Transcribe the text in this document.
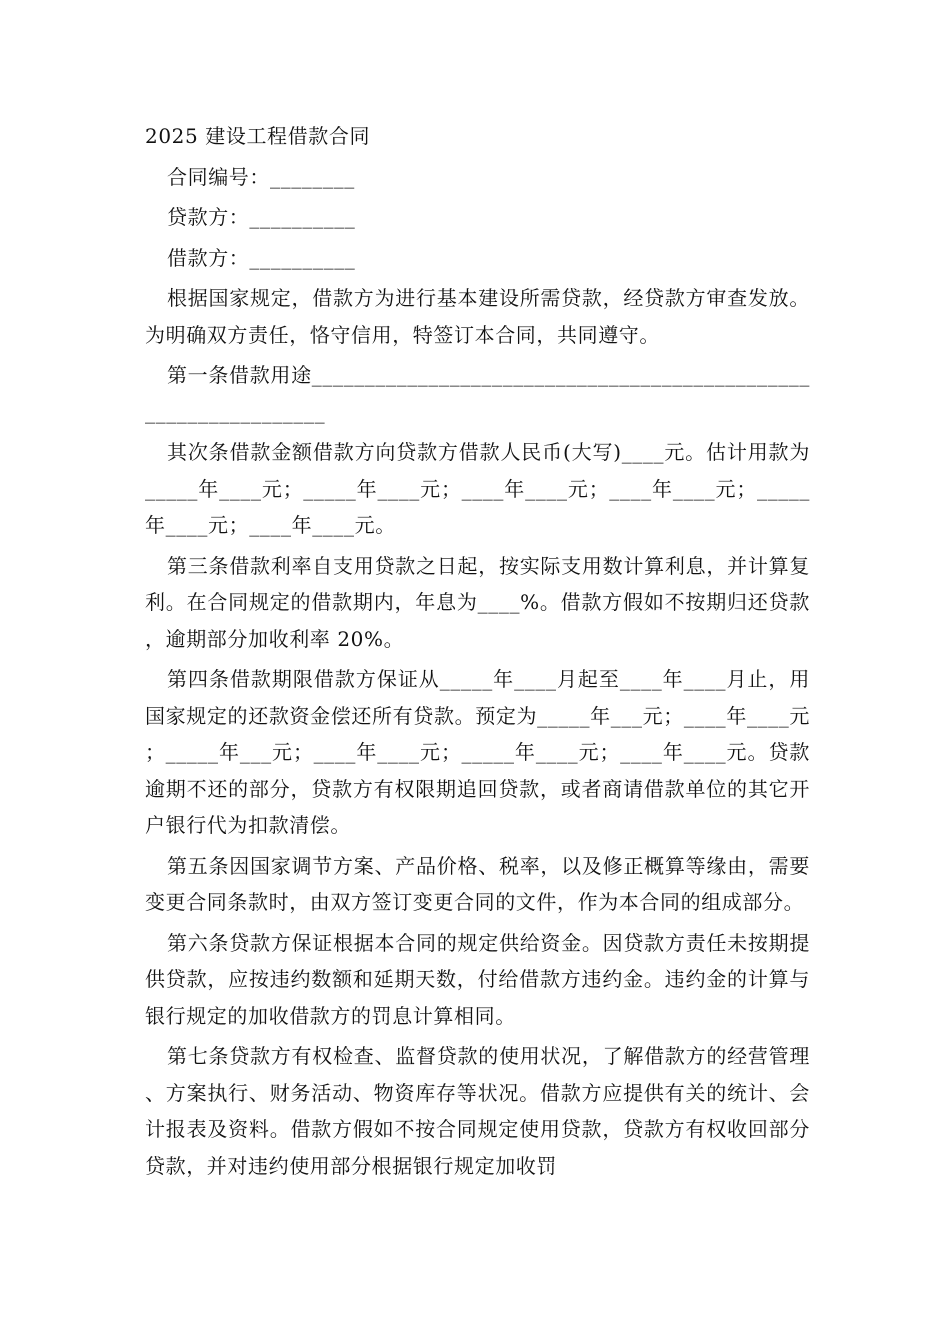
2025 建设工程借款合同

合同编号：________

贷款方：__________

借款方：__________

根据国家规定，借款方为进行基本建设所需贷款，经贷款方审查发放。为明确双方责任，恪守信用，特签订本合同，共同遵守。

第一条借款用途________________________________________________________________

其次条借款金额借款方向贷款方借款人民币(大写)____元。估计用款为_____年____元；_____年____元；____年____元；____年____元；_____年____元；____年____元。

第三条借款利率自支用贷款之日起，按实际支用数计算利息，并计算复利。在合同规定的借款期内，年息为____%。借款方假如不按期归还贷款，逾期部分加收利率 20%。

第四条借款期限借款方保证从_____年____月起至____年____月止，用国家规定的还款资金偿还所有贷款。预定为_____年___元；____年____元；_____年___元；____年____元；_____年____元；____年____元。贷款逾期不还的部分，贷款方有权限期追回贷款，或者商请借款单位的其它开户银行代为扣款清偿。

第五条因国家调节方案、产品价格、税率，以及修正概算等缘由，需要变更合同条款时，由双方签订变更合同的文件，作为本合同的组成部分。

第六条贷款方保证根据本合同的规定供给资金。因贷款方责任未按期提供贷款，应按违约数额和延期天数，付给借款方违约金。违约金的计算与银行规定的加收借款方的罚息计算相同。

第七条贷款方有权检查、监督贷款的使用状况，了解借款方的经营管理、方案执行、财务活动、物资库存等状况。借款方应提供有关的统计、会计报表及资料。借款方假如不按合同规定使用贷款，贷款方有权收回部分贷款，并对违约使用部分根据银行规定加收罚
